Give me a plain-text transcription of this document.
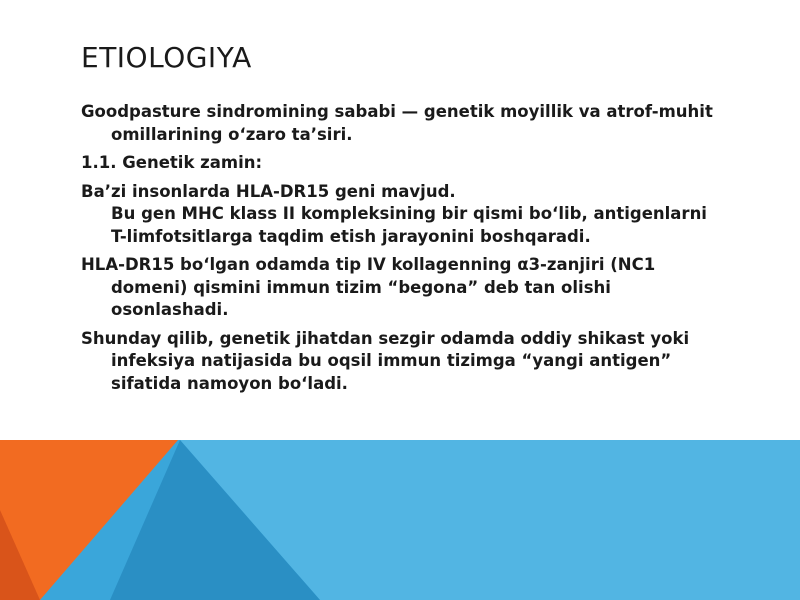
ETIOLOGIYA
Goodpasture sindromining sababi — genetik moyillik va atrof-muhit omillarining o‘zaro ta’siri.
1.1. Genetik zamin:
Ba’zi insonlarda HLA-DR15 geni mavjud.
Bu gen MHC klass II kompleksining bir qismi bo‘lib, antigenlarni T-limfotsitlarga taqdim etish jarayonini boshqaradi.
HLA-DR15 bo‘lgan odamda tip IV kollagenning α3-zanjiri (NC1 domeni) qismini immun tizim “begona” deb tan olishi osonlashadi.
Shunday qilib, genetik jihatdan sezgir odamda oddiy shikast yoki infeksiya natijasida bu oqsil immun tizimga “yangi antigen” sifatida namoyon bo‘ladi.
